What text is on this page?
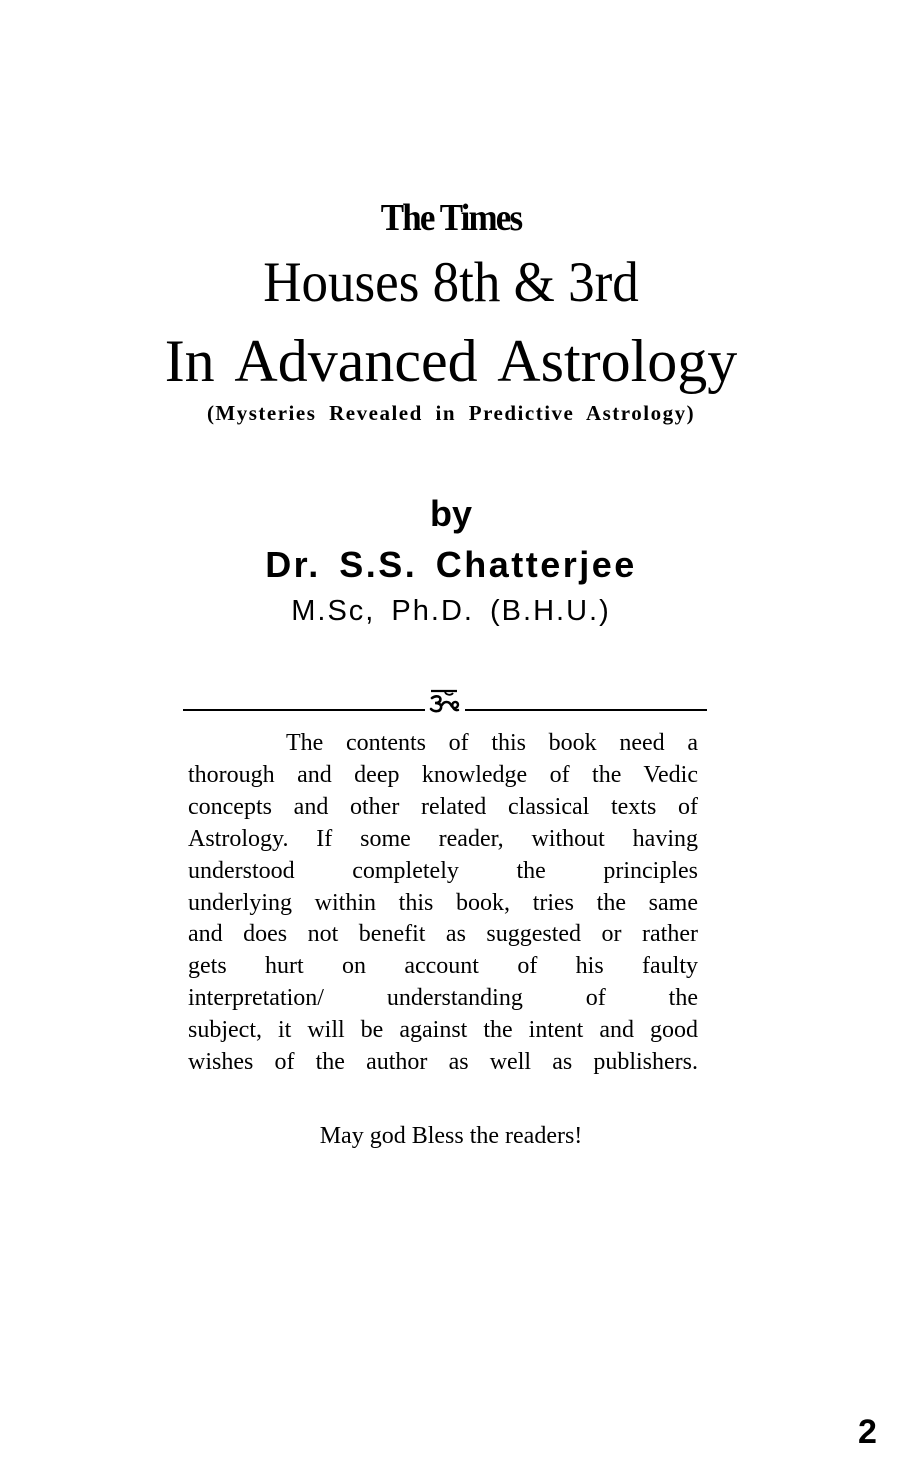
The Times
Houses 8th & 3rd
In Advanced Astrology
(Mysteries Revealed in Predictive Astrology)
by
Dr. S.S. Chatterjee
M.Sc, Ph.D. (B.H.U.)
The contents of this book need a
thorough and deep knowledge of the Vedic
concepts and other related classical texts of
Astrology. If some reader, without having
understood completely the principles
underlying within this book, tries the same
and does not benefit as suggested or rather
gets hurt on account of his faulty
interpretation/ understanding of the
subject, it will be against the intent and good
wishes of the author as well as publishers.
May god Bless the readers!
2
